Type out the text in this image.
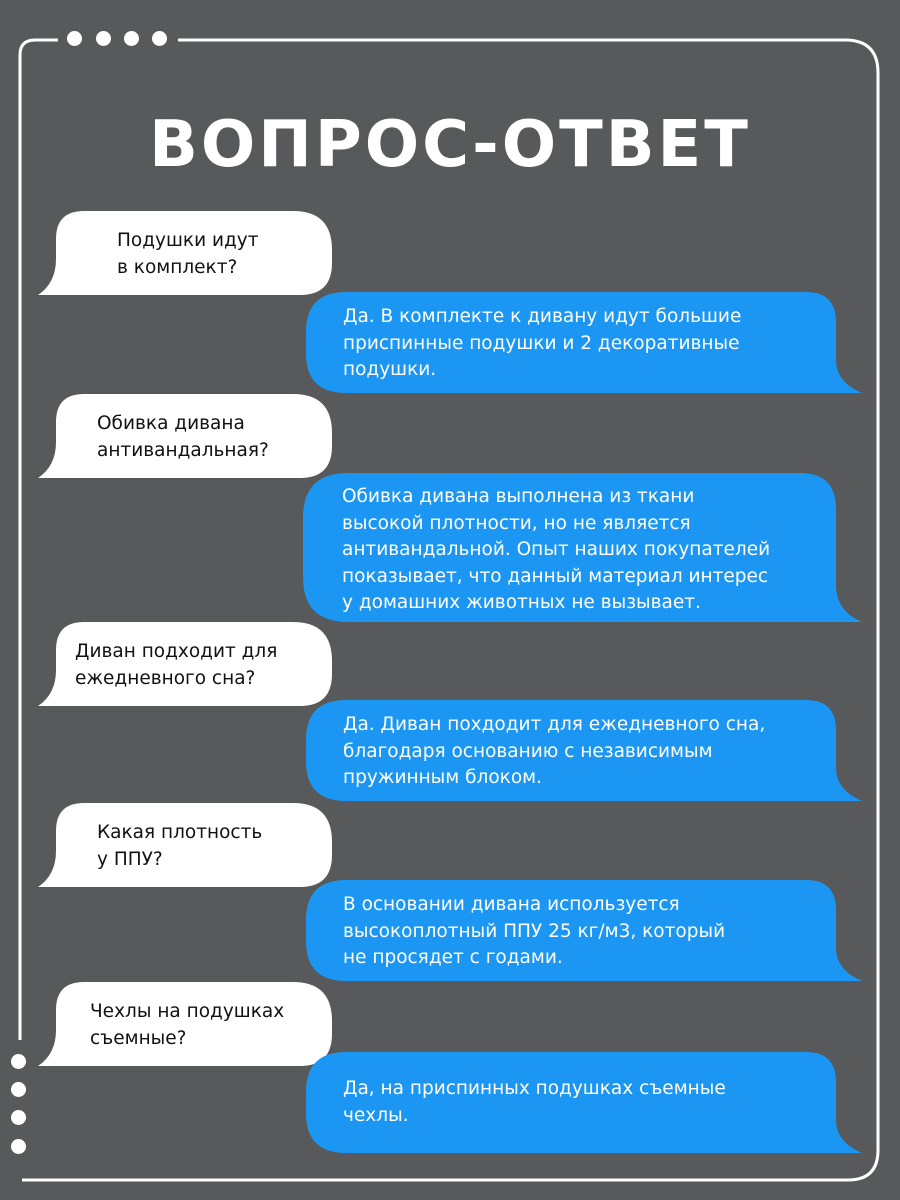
ВОПРОС-ОТВЕТ

Подушки идут
в комплект?

Да. В комплекте к дивану идут большие
приспинные подушки и 2 декоративные
подушки.

Обивка дивана
антивандальная?

Обивка дивана выполнена из ткани
высокой плотности, но не является
антивандальной. Опыт наших покупателей
показывает, что данный материал интерес
у домашних животных не вызывает.

Диван подходит для
ежедневного сна?

Да. Диван похдодит для ежедневного сна,
благодаря основанию с независимым
пружинным блоком.

Какая плотность
у ППУ?

В основании дивана используется
высокоплотный ППУ 25 кг/м3, который
не просядет с годами.

Чехлы на подушках
съемные?

Да, на приспинных подушках съемные
чехлы.
